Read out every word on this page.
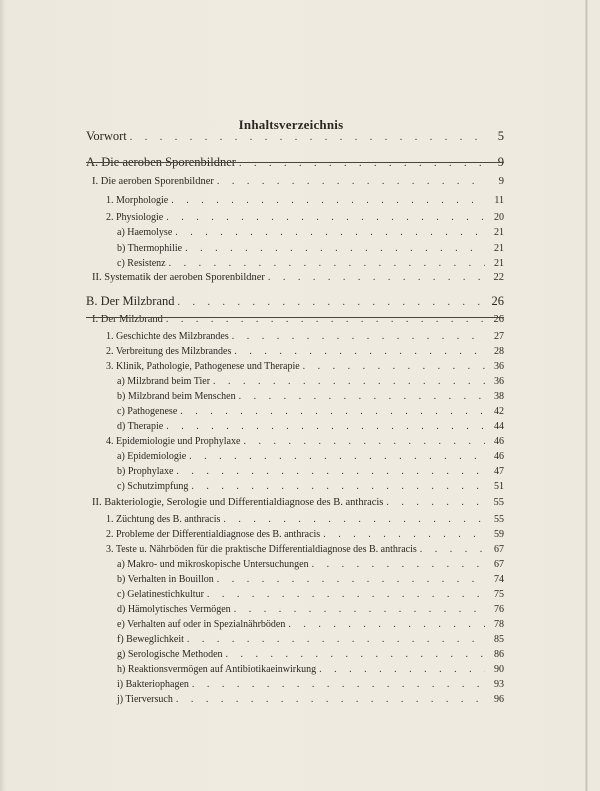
Inhaltsverzeichnis
Vorwort . . .	5
A. Die aeroben Sporenbildner . . .	9
I. Die aeroben Sporenbildner . . .	9
1. Morphologie . . .	11
2. Physiologie . . .	20
a) Haemolyse . . .	21
b) Thermophilie . . .	21
c) Resistenz . . .	21
II. Systematik der aeroben Sporenbildner . . .	22
B. Der Milzbrand . . .	26
I. Der Milzbrand . . .	26
1. Geschichte des Milzbrandes . . .	27
2. Verbreitung des Milzbrandes . . .	28
3. Klinik, Pathologie, Pathogenese und Therapie . . .	36
a) Milzbrand beim Tier . . .	36
b) Milzbrand beim Menschen . . .	38
c) Pathogenese . . .	42
d) Therapie . . .	44
4. Epidemiologie und Prophylaxe . . .	46
a) Epidemiologie . . .	46
b) Prophylaxe . . .	47
c) Schutzimpfung . . .	51
II. Bakteriologie, Serologie und Differentialdiagnose des B. anthracis . . .	55
1. Züchtung des B. anthracis . . .	55
2. Probleme der Differentialdiagnose des B. anthracis . . .	59
3. Teste u. Nährböden für die praktische Differentialdiagnose des B. anthracis . . .	67
a) Makro- und mikroskopische Untersuchungen . . .	67
b) Verhalten in Bouillon . . .	74
c) Gelatinestichkultur . . .	75
d) Hämolytisches Vermögen . . .	76
e) Verhalten auf oder in Spezialnährböden . . .	78
f) Beweglichkeit . . .	85
g) Serologische Methoden . . .	86
h) Reaktionsvermögen auf Antibiotikaeinwirkung . . .	90
i) Bakteriophagen . . .	93
j) Tierversuch . . .	96
